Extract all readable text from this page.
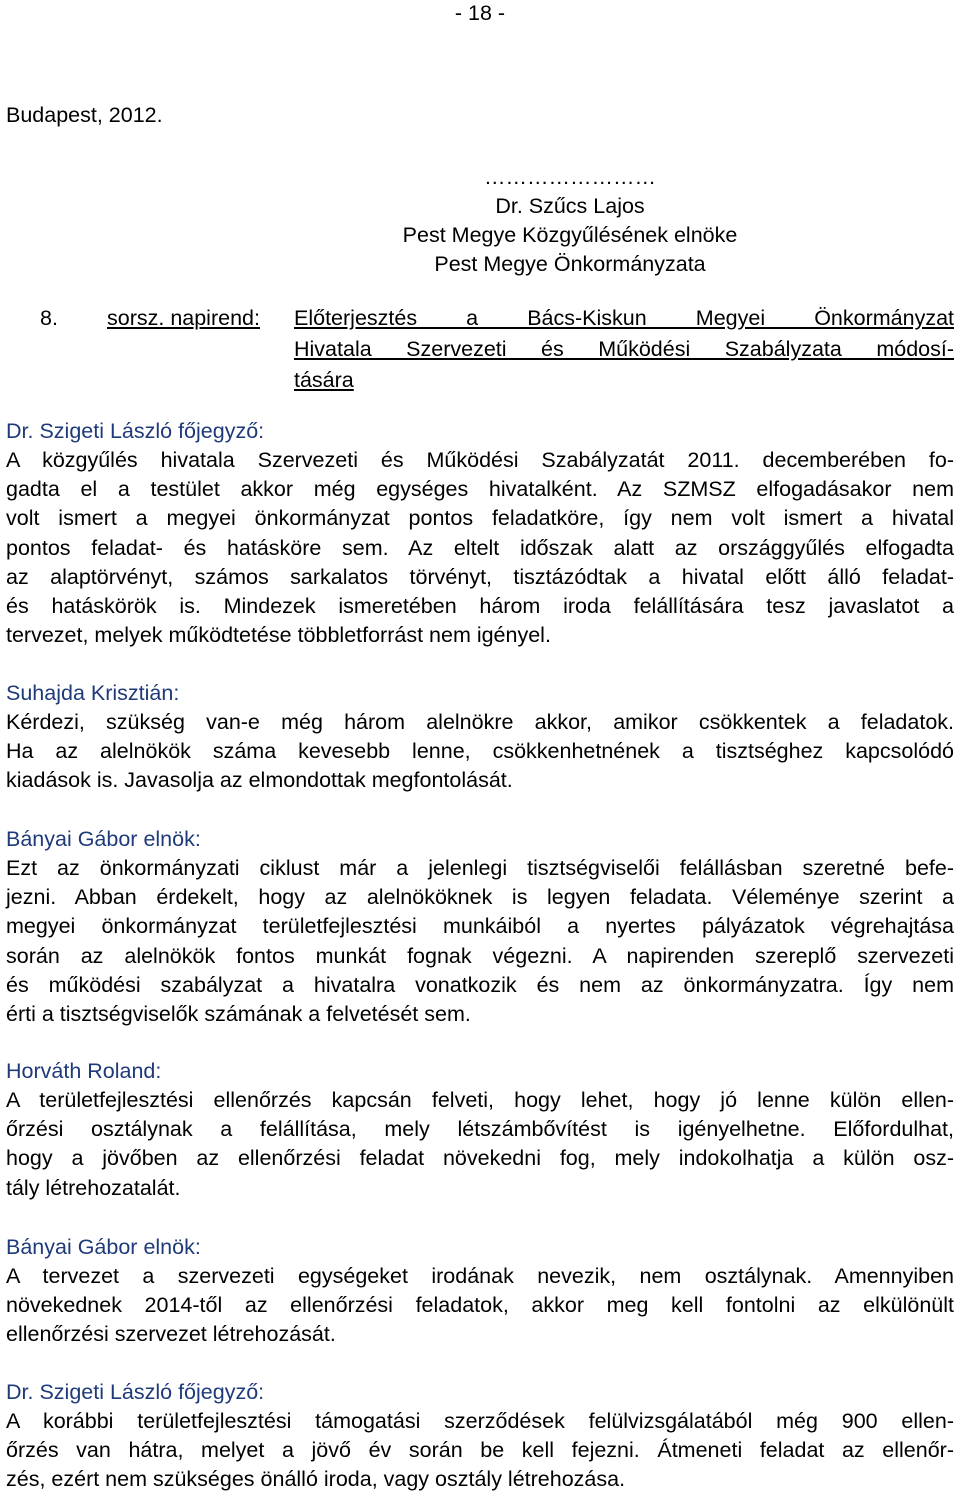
- 18 -
Budapest, 2012.
……………………
Dr. Szűcs Lajos
Pest Megye Közgyűlésének elnöke
Pest Megye Önkormányzata
8. sorsz. napirend: Előterjesztés a Bács-Kiskun Megyei Önkormányzat
Hivatala Szervezeti és Működési Szabályzata módosí-
tására
Dr. Szigeti László főjegyző:
A közgyűlés hivatala Szervezeti és Működési Szabályzatát 2011. decemberében fo-
gadta el a testület akkor még egységes hivatalként. Az SZMSZ elfogadásakor nem
volt ismert a megyei önkormányzat pontos feladatköre, így nem volt ismert a hivatal
pontos feladat- és hatásköre sem. Az eltelt időszak alatt az országgyűlés elfogadta
az alaptörvényt, számos sarkalatos törvényt, tisztázódtak a hivatal előtt álló feladat-
és hatáskörök is. Mindezek ismeretében három iroda felállítására tesz javaslatot a
tervezet, melyek működtetése többletforrást nem igényel.
Suhajda Krisztián:
Kérdezi, szükség van-e még három alelnökre akkor, amikor csökkentek a feladatok.
Ha az alelnökök száma kevesebb lenne, csökkenhetnének a tisztséghez kapcsolódó
kiadások is. Javasolja az elmondottak megfontolását.
Bányai Gábor elnök:
Ezt az önkormányzati ciklust már a jelenlegi tisztségviselői felállásban szeretné befe-
jezni. Abban érdekelt, hogy az alelnököknek is legyen feladata. Véleménye szerint a
megyei önkormányzat területfejlesztési munkáiból a nyertes pályázatok végrehajtása
során az alelnökök fontos munkát fognak végezni. A napirenden szereplő szervezeti
és működési szabályzat a hivatalra vonatkozik és nem az önkormányzatra. Így nem
érti a tisztségviselők számának a felvetését sem.
Horváth Roland:
A területfejlesztési ellenőrzés kapcsán felveti, hogy lehet, hogy jó lenne külön ellen-
őrzési osztálynak a felállítása, mely létszámbővítést is igényelhetne. Előfordulhat,
hogy a jövőben az ellenőrzési feladat növekedni fog, mely indokolhatja a külön osz-
tály létrehozatalát.
Bányai Gábor elnök:
A tervezet a szervezeti egységeket irodának nevezik, nem osztálynak. Amennyiben
növekednek 2014-től az ellenőrzési feladatok, akkor meg kell fontolni az elkülönült
ellenőrzési szervezet létrehozását.
Dr. Szigeti László főjegyző:
A korábbi területfejlesztési támogatási szerződések felülvizsgálatából még 900 ellen-
őrzés van hátra, melyet a jövő év során be kell fejezni. Átmeneti feladat az ellenőr-
zés, ezért nem szükséges önálló iroda, vagy osztály létrehozása.
